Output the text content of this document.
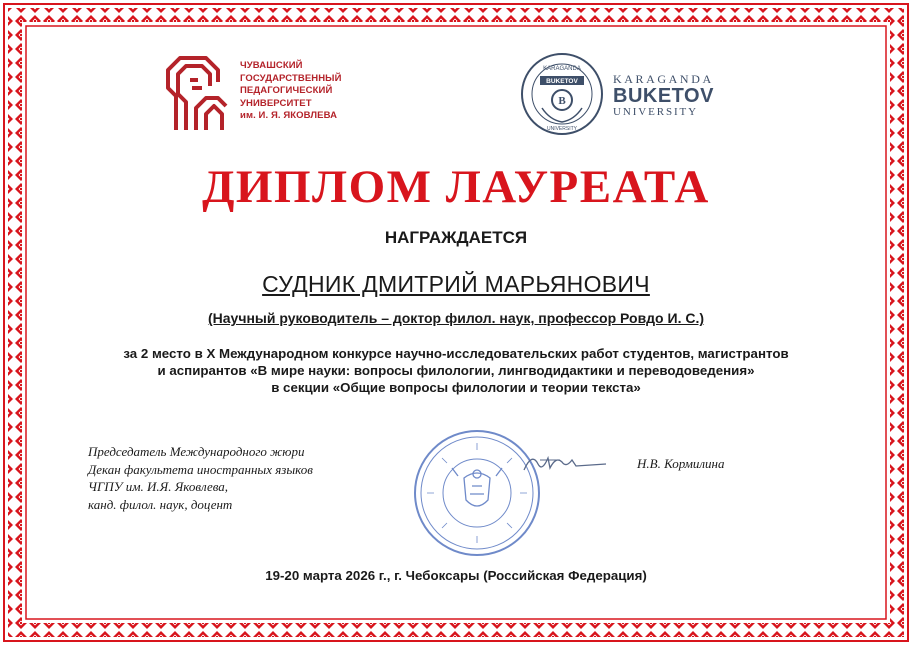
ЧУВАШСКИЙ
ГОСУДАРСТВЕННЫЙ
ПЕДАГОГИЧЕСКИЙ
УНИВЕРСИТЕТ
им. И. Я. ЯКОВЛЕВА
KARAGANDA
BUKETOV
B
UNIVERSITY
KARAGANDA
BUKETOV
UNIVERSITY
ДИПЛОМ ЛАУРЕАТА
НАГРАЖДАЕТСЯ
СУДНИК ДМИТРИЙ МАРЬЯНОВИЧ
(Научный руководитель – доктор филол. наук, профессор Ровдо И. С.)
за 2 место в X Международном конкурсе научно-исследовательских работ студентов, магистрантов
и аспирантов «В мире науки: вопросы филологии, лингводидактики и переводоведения»
в секции «Общие вопросы филологии и теории текста»
Председатель Международного жюри
Декан факультета иностранных языков
ЧГПУ им. И.Я. Яковлева,
канд. филол. наук, доцент
Н.В. Кормилина
19-20 марта 2026 г., г. Чебоксары (Российская Федерация)
